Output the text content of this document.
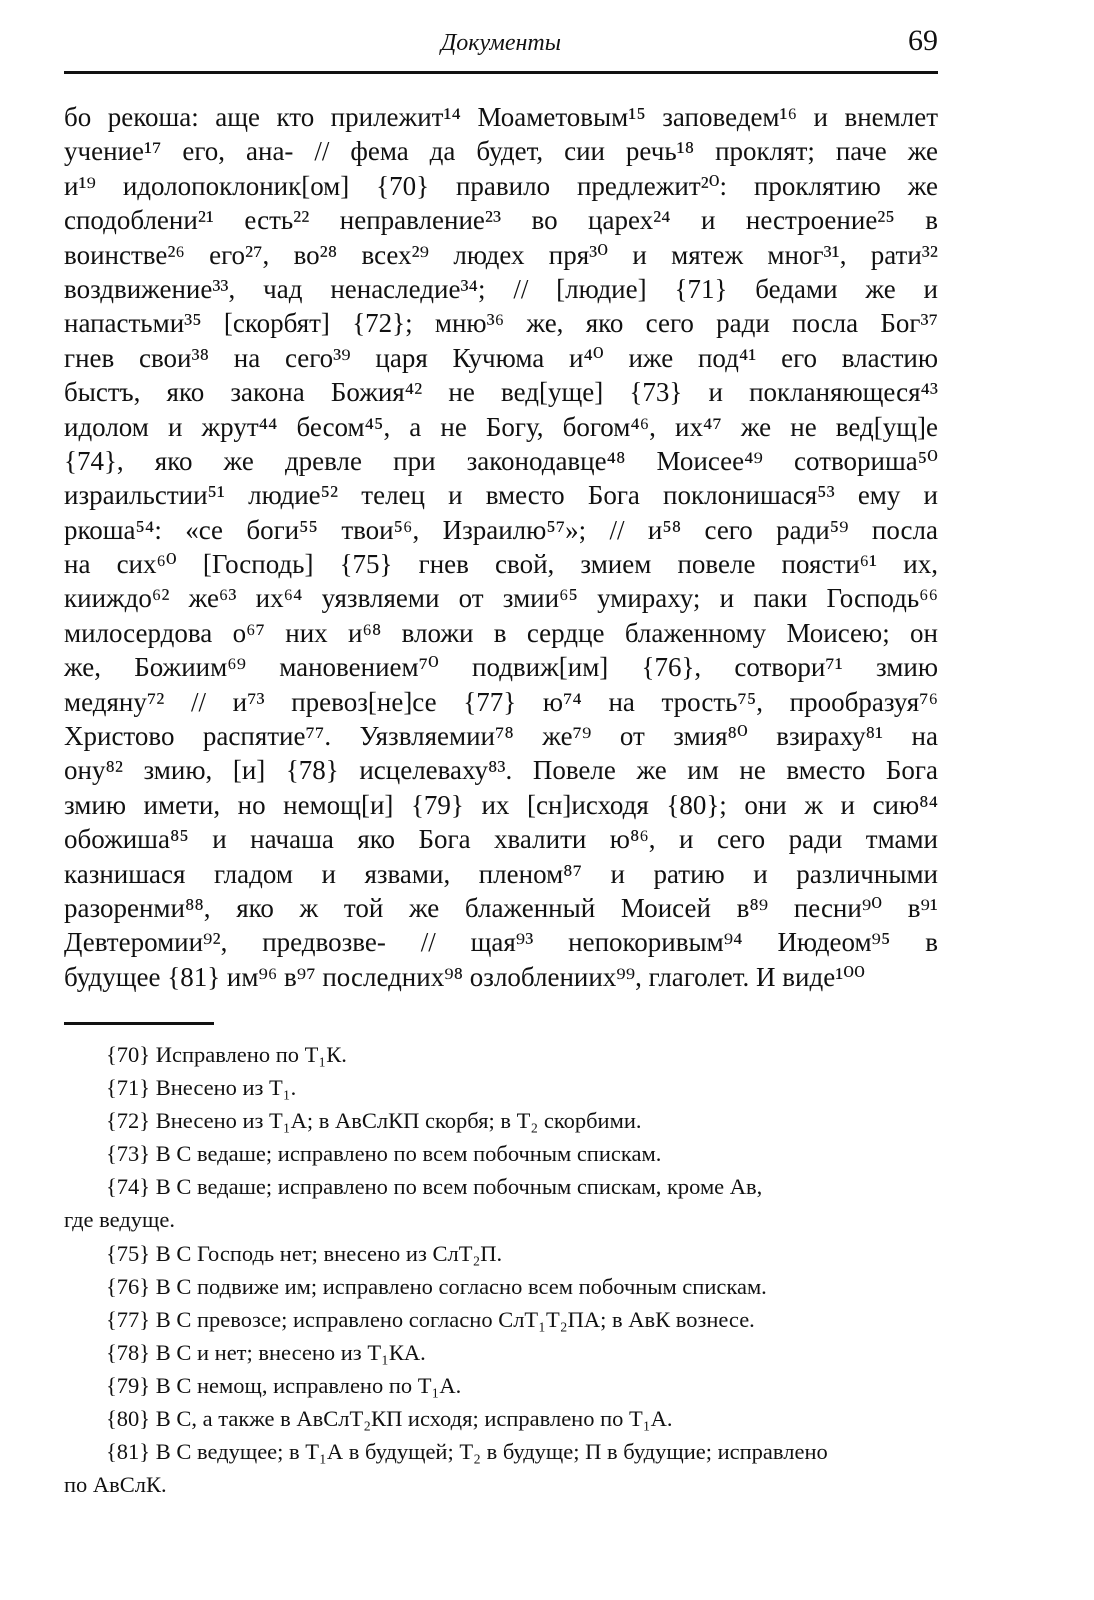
Документы	69
бо рекоша: аще кто прилежит¹⁴ Моаметовым¹⁵ заповедем¹⁶ и внемлет
учение¹⁷ его, ана- // фема да будет, сии речь¹⁸ проклят; паче же
и¹⁹ идолопоклоник[ом] {70} правило предлежит²⁰: проклятию же
сподоблени²¹ есть²² неправление²³ во царех²⁴ и нестроение²⁵ в
воинстве²⁶ его²⁷, во²⁸ всех²⁹ людех пря³⁰ и мятеж мног³¹, рати³²
воздвижение³³, чад ненаследие³⁴; // [людие] {71} бедами же и
напастьми³⁵ [скорбят] {72}; мню³⁶ же, яко сего ради посла Бог³⁷
гнев свои³⁸ на сего³⁹ царя Кучюма и⁴⁰ иже под⁴¹ его властию
быстъ, яко закона Божия⁴² не вед[уще] {73} и покланяющеся⁴³
идолом и жрут⁴⁴ бесом⁴⁵, а не Богу, богом⁴⁶, их⁴⁷ же не вед[ущ]е
{74}, яко же древле при законодавце⁴⁸ Моисее⁴⁹ сотвориша⁵⁰
израильстии⁵¹ людие⁵² телец и вместо Бога поклонишася⁵³ ему и
ркоша⁵⁴: «се боги⁵⁵ твои⁵⁶, Израилю⁵⁷»; // и⁵⁸ сего ради⁵⁹ посла
на сих⁶⁰ [Господь] {75} гнев свой, змием повеле поясти⁶¹ их,
кииждо⁶² же⁶³ их⁶⁴ уязвляеми от змии⁶⁵ умираху; и паки Господь⁶⁶
милосердова о⁶⁷ них и⁶⁸ вложи в сердце блаженному Моисею; он
же, Божиим⁶⁹ мановением⁷⁰ подвиж[им] {76}, сотвори⁷¹ змию
медяну⁷² // и⁷³ превоз[не]се {77} ю⁷⁴ на трость⁷⁵, прообразуя⁷⁶
Христово распятие⁷⁷. Уязвляемии⁷⁸ же⁷⁹ от змия⁸⁰ взираху⁸¹ на
ону⁸² змию, [и] {78} исцелеваху⁸³. Повеле же им не вместо Бога
змию имети, но немощ[и] {79} их [сн]исходя {80}; они ж и сию⁸⁴
обожиша⁸⁵ и начаша яко Бога хвалити ю⁸⁶, и сего ради тмами
казнишася гладом и язвами, пленом⁸⁷ и ратию и различными
разоренми⁸⁸, яко ж той же блаженный Моисей в⁸⁹ песни⁹⁰ в⁹¹
Девтеромии⁹², предвозве- // щая⁹³ непокоривым⁹⁴ Июдеом⁹⁵ в
будущее {81} им⁹⁶ в⁹⁷ последних⁹⁸ озлоблениих⁹⁹, глаголет. И виде¹⁰⁰
{70} Исправлено по Т₁К.
{71} Внесено из Т₁.
{72} Внесено из Т₁А; в АвСлКП скорбя; в Т₂ скорбими.
{73} В С ведаше; исправлено по всем побочным спискам.
{74} В С ведаше; исправлено по всем побочным спискам, кроме Ав,
где ведуще.
{75} В С Господь нет; внесено из СлТ₂П.
{76} В С подвиже им; исправлено согласно всем побочным спискам.
{77} В С превозсе; исправлено согласно СлТ₁Т₂ПА; в АвК вознесе.
{78} В С и нет; внесено из Т₁КА.
{79} В С немощ, исправлено по Т₁А.
{80} В С, а также в АвСлТ₂КП исходя; исправлено по Т₁А.
{81} В С ведущее; в Т₁А в будущей; Т₂ в будуще; П в будущие; исправлено
по АвСлК.
